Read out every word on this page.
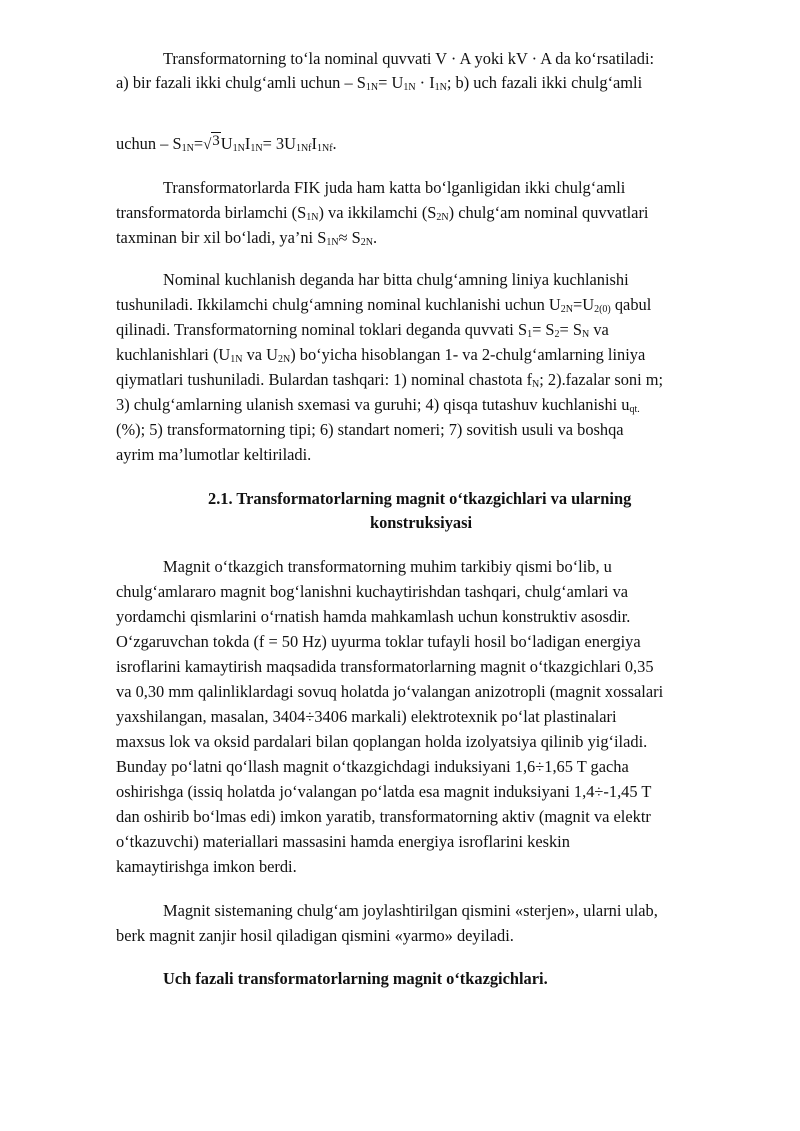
Transformatorning to‘la nominal quvvati V · A yoki kV · A da ko‘rsatiladi:
a) bir fazali ikki chulg‘amli uchun – $S_{1N}= U_{1N} \cdot I_{1N}$; b) uch fazali ikki chulg‘amli
uchun – $S_{1N}=√3U_{1N}I_{1N}= 3U_{1Nf}I_{1Nf}$.
Transformatorlarda FIK juda ham katta bo‘lganligidan ikki chulg‘amli
transformatorda birlamchi $(S_{1N})$ va ikkilamchi $(S_{2N})$ chulg‘am nominal quvvatlari
taxminan bir xil bo‘ladi, ya’ni $S_{1N}\approx S_{2N}$.
Nominal kuchlanish deganda har bitta chulg‘amning liniya kuchlanishi
tushuniladi. Ikkilamchi chulg‘amning nominal kuchlanishi uchun $U_{2N}=U_{2(0)}$ qabul
qilinadi. Transformatorning nominal toklari deganda quvvati $S_1= S_2= S_N$ va
kuchlanishlari ($U_{1N}$ va $U_{2N}$) bo‘yicha hisoblangan 1- va 2-chulg‘amlarning liniya
qiymatlari tushuniladi. Bulardan tashqari: 1) nominal chastota $f_N$; 2).fazalar soni m;
3) chulg‘amlarning ulanish sxemasi va guruhi; 4) qisqa tutashuv kuchlanishi $u_{qt.}$
(%); 5) transformatorning tipi; 6) standart nomeri; 7) sovitish usuli va boshqa
ayrim ma’lumotlar keltiriladi.
2.1. Transformatorlarning magnit o‘tkazgichlari va ularning
konstruksiyasi
Magnit o‘tkazgich transformatorning muhim tarkibiy qismi bo‘lib, u
chulg‘amlararo magnit bog‘lanishni kuchaytirishdan tashqari, chulg‘amlari va
yordamchi qismlarini o‘rnatish hamda mahkamlash uchun konstruktiv asosdir.
O‘zgaruvchan tokda (f = 50 Hz) uyurma toklar tufayli hosil bo‘ladigan energiya
isroflarini kamaytirish maqsadida transformatorlarning magnit o‘tkazgichlari 0,35
va 0,30 mm qalinliklardagi sovuq holatda jo‘valangan anizotropli (magnit xossalari
yaxshilangan, masalan, 3404÷3406 markali) elektrotexnik po‘lat plastinalari
maxsus lok va oksid pardalari bilan qoplangan holda izolyatsiya qilinib yig‘iladi.
Bunday po‘latni qo‘llash magnit o‘tkazgichdagi induksiyani 1,6÷1,65 T gacha
oshirishga (issiq holatda jo‘valangan po‘latda esa magnit induksiyani 1,4÷-1,45 T
dan oshirib bo‘lmas edi) imkon yaratib, transformatorning aktiv (magnit va elektr
o‘tkazuvchi) materiallari massasini hamda energiya isroflarini keskin
kamaytirishga imkon berdi.
Magnit sistemaning chulg‘am joylashtirilgan qismini «sterjen», ularni ulab,
berk magnit zanjir hosil qiladigan qismini «yarmo» deyiladi.
Uch fazali transformatorlarning magnit o‘tkazgichlari.
